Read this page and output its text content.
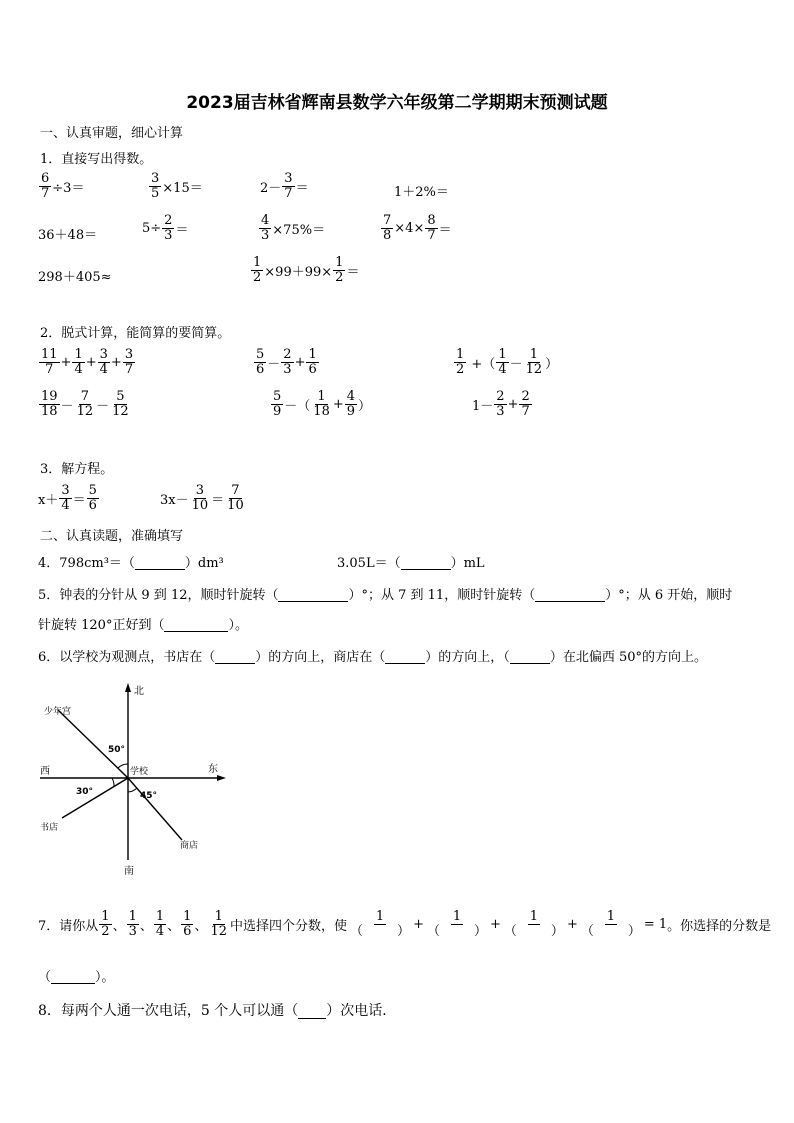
2023届吉林省辉南县数学六年级第二学期期末预测试题
一、认真审题，细心计算
1．直接写出得数。
$\frac{6}{7} \div 3=$	$\frac{3}{5} \times 15=$	$2- \frac{3}{7}$ ＝	1＋2%＝
36＋48＝	$5\div \frac{2}{3}$ ＝	$\frac{4}{3} \times 75\%=$	$\frac{7}{8} \times 4\times \frac{8}{7}$ ＝
298＋405≈	$\frac{1}{2} \times 99+99\times \frac{1}{2}$ ＝
2．脱式计算，能简算的要简算。
$\frac{11}{7} + \frac{1}{4} + \frac{3}{4} + \frac{3}{7}$	$\frac{5}{6} - \frac{2}{3} + \frac{1}{6}$	$\frac{1}{2}$ +（ $\frac{1}{4} - \frac{1}{12}$ ）
$\frac{19}{18} - \frac{7}{12} - \frac{5}{12}$	$\frac{5}{9}$ －（ $\frac{1}{18} + \frac{4}{9}$ ）	$1- \frac{2}{3} + \frac{2}{7}$
3．解方程。
$x+ \frac{3}{4} = \frac{5}{6}$	$3x- \frac{3}{10} = \frac{7}{10}$
二、认真读题，准确填写
4．798cm³＝（
	）dm³	3.05L＝（
	）mL
5．钟表的分针从 9 到 12，顺时针旋转（
	）°；从 7 到 11，顺时针旋转（
	）°；从 6 开始，顺时
针旋转 120°正好到（
	）。
6．以学校为观测点，书店在（
	）的方向上，商店在（
	）的方向上，（
	）在北偏西 50°的方向上。
北
南
东
西	学校
少年宫
书店
商店
50°
30°	45°
7．请你从 $\frac{1}{2}$ 、 $\frac{1}{3}$ 、 $\frac{1}{4}$ 、 $\frac{1}{6}$ 、 $\frac{1}{12}$ 中选择四个分数，使 1
（	） + 1
（	） + 1
（	） + 1
（	） = 1 。你选择的分数是
（
	）。
8．每两个人通一次电话，5 个人可以通（
）次电话．
